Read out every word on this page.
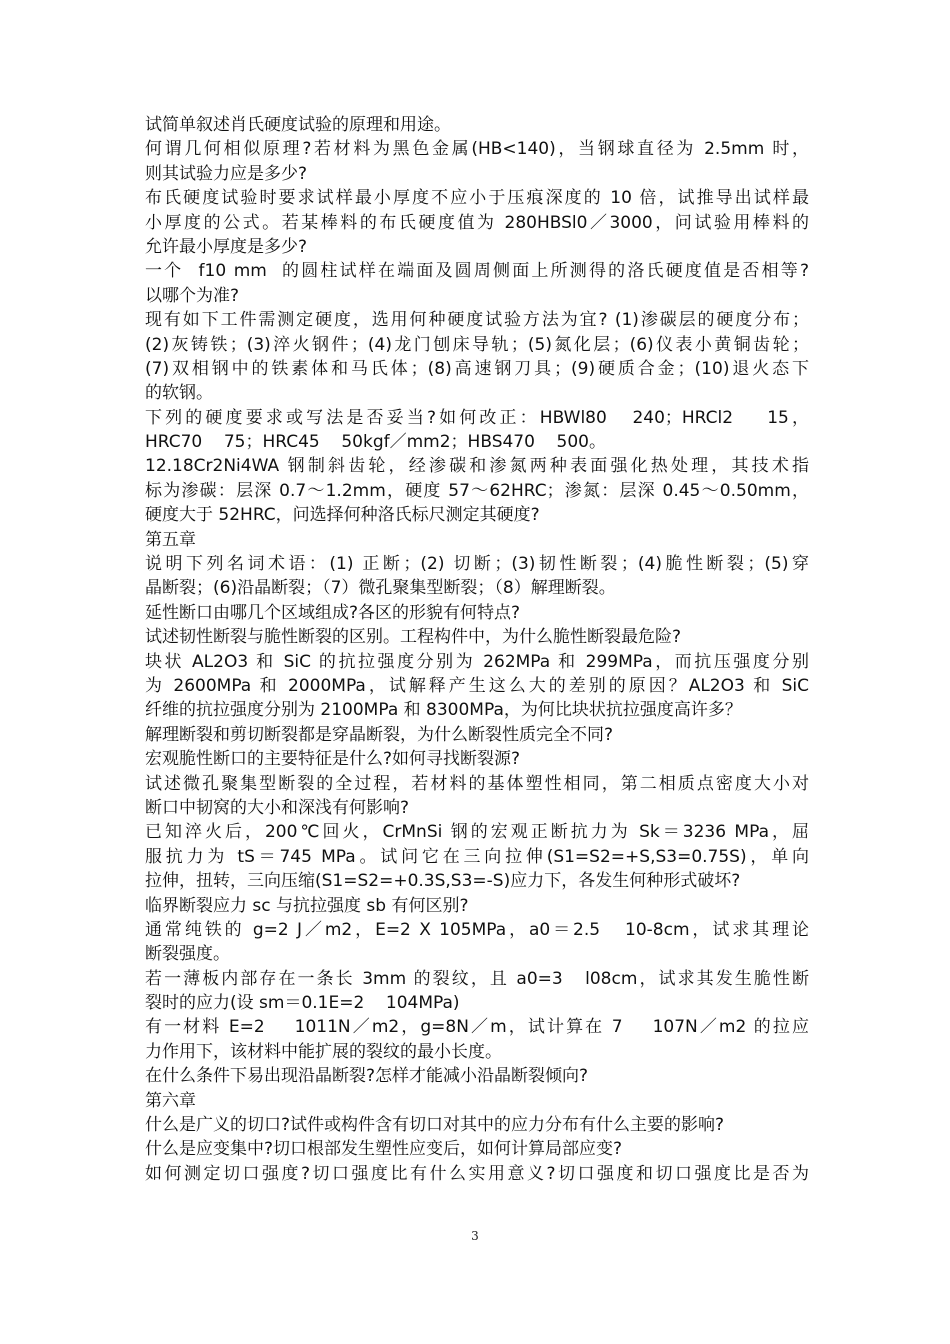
试简单叙述肖氏硬度试验的原理和用途。
何谓几何相似原理?若材料为黑色金属(HB<140)，当钢球直径为 2.5mm 时，
则其试验力应是多少?
布氏硬度试验时要求试样最小厚度不应小于压痕深度的 10 倍，试推导出试样最
小厚度的公式。若某棒料的布氏硬度值为 280HBSl0／3000，问试验用棒料的
允许最小厚度是多少?
一个  f10 mm  的圆柱试样在端面及圆周侧面上所测得的洛氏硬度值是否相等?
以哪个为准?
现有如下工件需测定硬度，选用何种硬度试验方法为宜? (1)渗碳层的硬度分布；
(2)灰铸铁；(3)淬火钢件；(4)龙门刨床导轨；(5)氮化层；(6)仪表小黄铜齿轮；
(7)双相钢中的铁素体和马氏体；(8)高速钢刀具；(9)硬质合金；(10)退火态下
的软钢。
下列的硬度要求或写法是否妥当?如何改正：HBWl80   240；HRCl2    15，
HRC70    75；HRC45    50kgf／mm2；HBS470    500。
12.18Cr2Ni4WA 钢制斜齿轮，经渗碳和渗氮两种表面强化热处理，其技术指
标为渗碳：层深 0.7～1.2mm，硬度 57～62HRC；渗氮：层深 0.45～0.50mm，
硬度大于 52HRC，问选择何种洛氏标尺测定其硬度?
第五章
说明下列名词术语：(1) 正断；(2) 切断；(3)韧性断裂；(4)脆性断裂；(5)穿
晶断裂；(6)沿晶断裂；（7）微孔聚集型断裂；（8）解理断裂。
延性断口由哪几个区域组成?各区的形貌有何特点?
试述韧性断裂与脆性断裂的区别。工程构件中，为什么脆性断裂最危险?
块状 AL2O3 和 SiC 的抗拉强度分别为 262MPa 和 299MPa，而抗压强度分别
为 2600MPa 和 2000MPa，试解释产生这么大的差别的原因？AL2O3 和 SiC
纤维的抗拉强度分别为 2100MPa 和 8300MPa，为何比块状抗拉强度高许多？
解理断裂和剪切断裂都是穿晶断裂，为什么断裂性质完全不同?
宏观脆性断口的主要特征是什么?如何寻找断裂源?
试述微孔聚集型断裂的全过程，若材料的基体塑性相同，第二相质点密度大小对
断口中韧窝的大小和深浅有何影响?
已知淬火后，200℃回火，CrMnSi 钢的宏观正断抗力为 Sk＝3236 MPa，屈
服抗力为 tS＝745 MPa。试问它在三向拉伸(S1=S2=+S,S3=0.75S)，单向
拉伸，扭转，三向压缩(S1=S2=+0.3S,S3=-S)应力下，各发生何种形式破坏?
临界断裂应力 sc 与抗拉强度 sb 有何区别?
通常纯铁的 g=2 J／m2，E=2 X 105MPa，a0＝2.5   10-8cm，试求其理论
断裂强度。
若一薄板内部存在一条长 3mm 的裂纹，且 a0=3   l08cm，试求其发生脆性断
裂时的应力(设 sm＝0.1E=2    104MPa)
有一材料 E=2    1011N／m2，g=8N／m，试计算在 7    107N／m2 的拉应
力作用下，该材料中能扩展的裂纹的最小长度。
在什么条件下易出现沿晶断裂?怎样才能减小沿晶断裂倾向?
第六章
什么是广义的切口?试件或构件含有切口对其中的应力分布有什么主要的影响?
什么是应变集中?切口根部发生塑性应变后，如何计算局部应变?
如何测定切口强度?切口强度比有什么实用意义?切口强度和切口强度比是否为
3
